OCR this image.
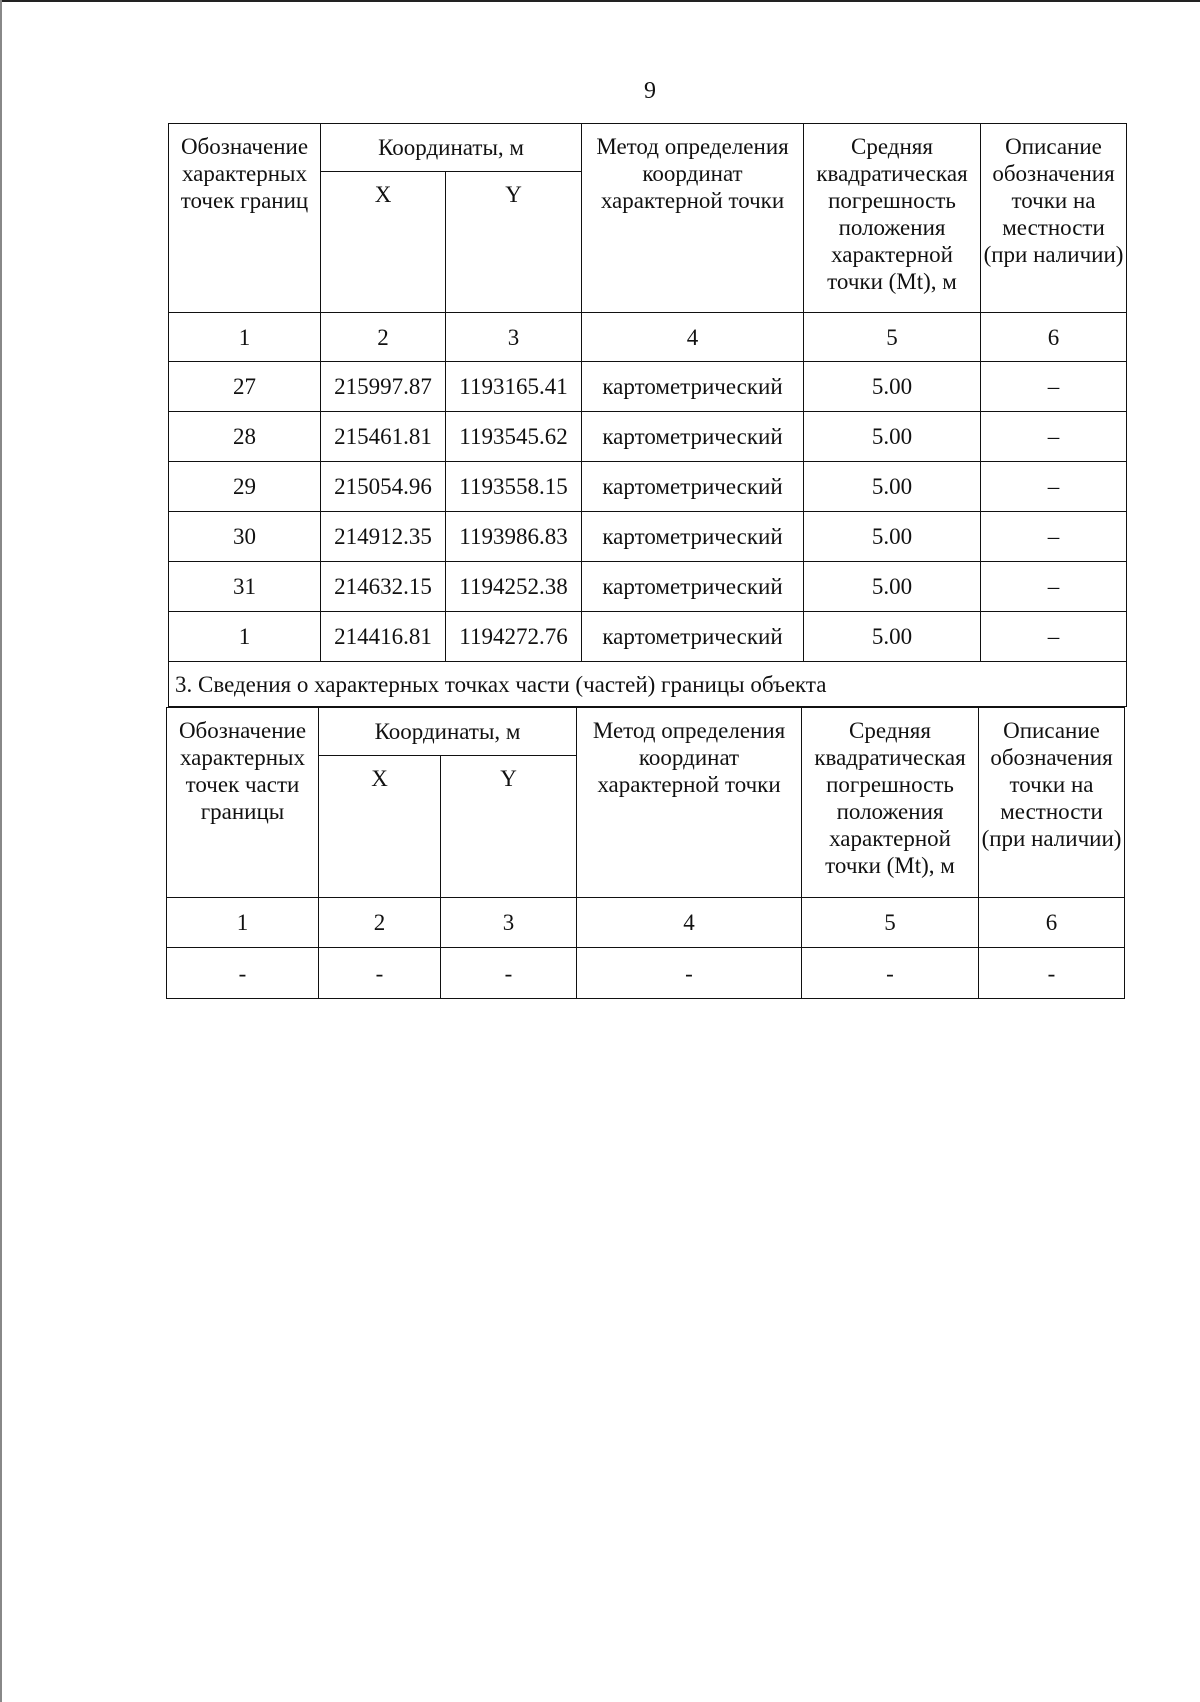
9
Обозначение характерных точек границ	Координаты, м		Метод определения координат характерной точки	Средняя квадратическая погрешность положения характерной точки (Mt), м	Описание обозначения точки на местности (при наличии)
	X	Y			
1	2	3	4	5	6
27	215997.87	1193165.41	картометрический	5.00	–
28	215461.81	1193545.62	картометрический	5.00	–
29	215054.96	1193558.15	картометрический	5.00	–
30	214912.35	1193986.83	картометрический	5.00	–
31	214632.15	1194252.38	картометрический	5.00	–
1	214416.81	1194272.76	картометрический	5.00	–
3. Сведения о характерных точках части (частей) границы объекта					
Обозначение характерных точек части границы	Координаты, м		Метод определения координат характерной точки	Средняя квадратическая погрешность положения характерной точки (Mt), м	Описание обозначения точки на местности (при наличии)
	X	Y			
1	2	3	4	5	6
-	-	-	-	-	-
